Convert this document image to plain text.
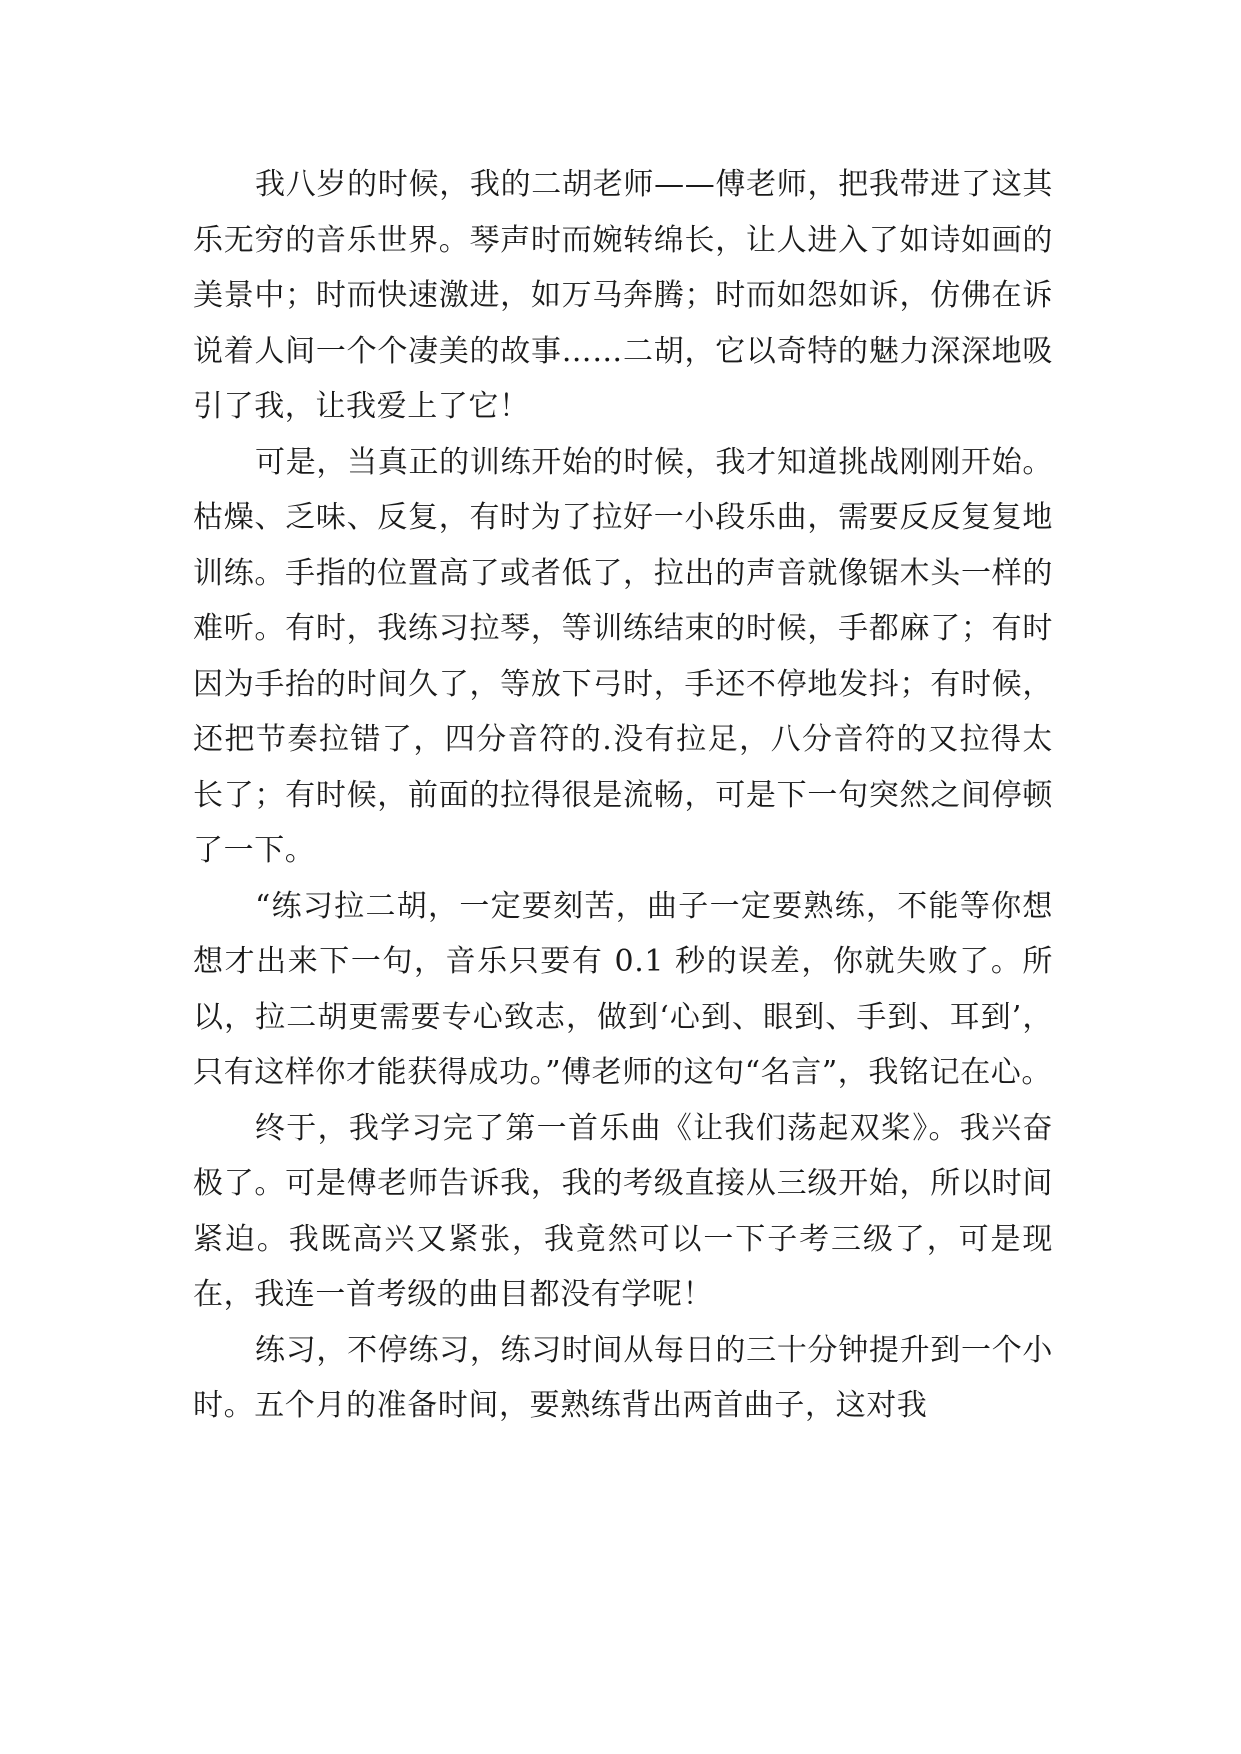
我八岁的时候，我的二胡老师——傅老师，把我带进了这其乐无穷的音乐世界。琴声时而婉转绵长，让人进入了如诗如画的美景中；时而快速激进，如万马奔腾；时而如怨如诉，仿佛在诉说着人间一个个凄美的故事……二胡，它以奇特的魅力深深地吸引了我，让我爱上了它！

可是，当真正的训练开始的时候，我才知道挑战刚刚开始。枯燥、乏味、反复，有时为了拉好一小段乐曲，需要反反复复地训练。手指的位置高了或者低了，拉出的声音就像锯木头一样的难听。有时，我练习拉琴，等训练结束的时候，手都麻了；有时因为手抬的时间久了，等放下弓时，手还不停地发抖；有时候，还把节奏拉错了，四分音符的.没有拉足，八分音符的又拉得太长了；有时候，前面的拉得很是流畅，可是下一句突然之间停顿了一下。

“练习拉二胡，一定要刻苦，曲子一定要熟练，不能等你想想才出来下一句，音乐只要有 0.1 秒的误差，你就失败了。所以，拉二胡更需要专心致志，做到‘心到、眼到、手到、耳到’，只有这样你才能获得成功。”傅老师的这句“名言”，我铭记在心。

终于，我学习完了第一首乐曲《让我们荡起双桨》。我兴奋极了。可是傅老师告诉我，我的考级直接从三级开始，所以时间紧迫。我既高兴又紧张，我竟然可以一下子考三级了，可是现在，我连一首考级的曲目都没有学呢！

练习，不停练习，练习时间从每日的三十分钟提升到一个小时。五个月的准备时间，要熟练背出两首曲子，这对我
